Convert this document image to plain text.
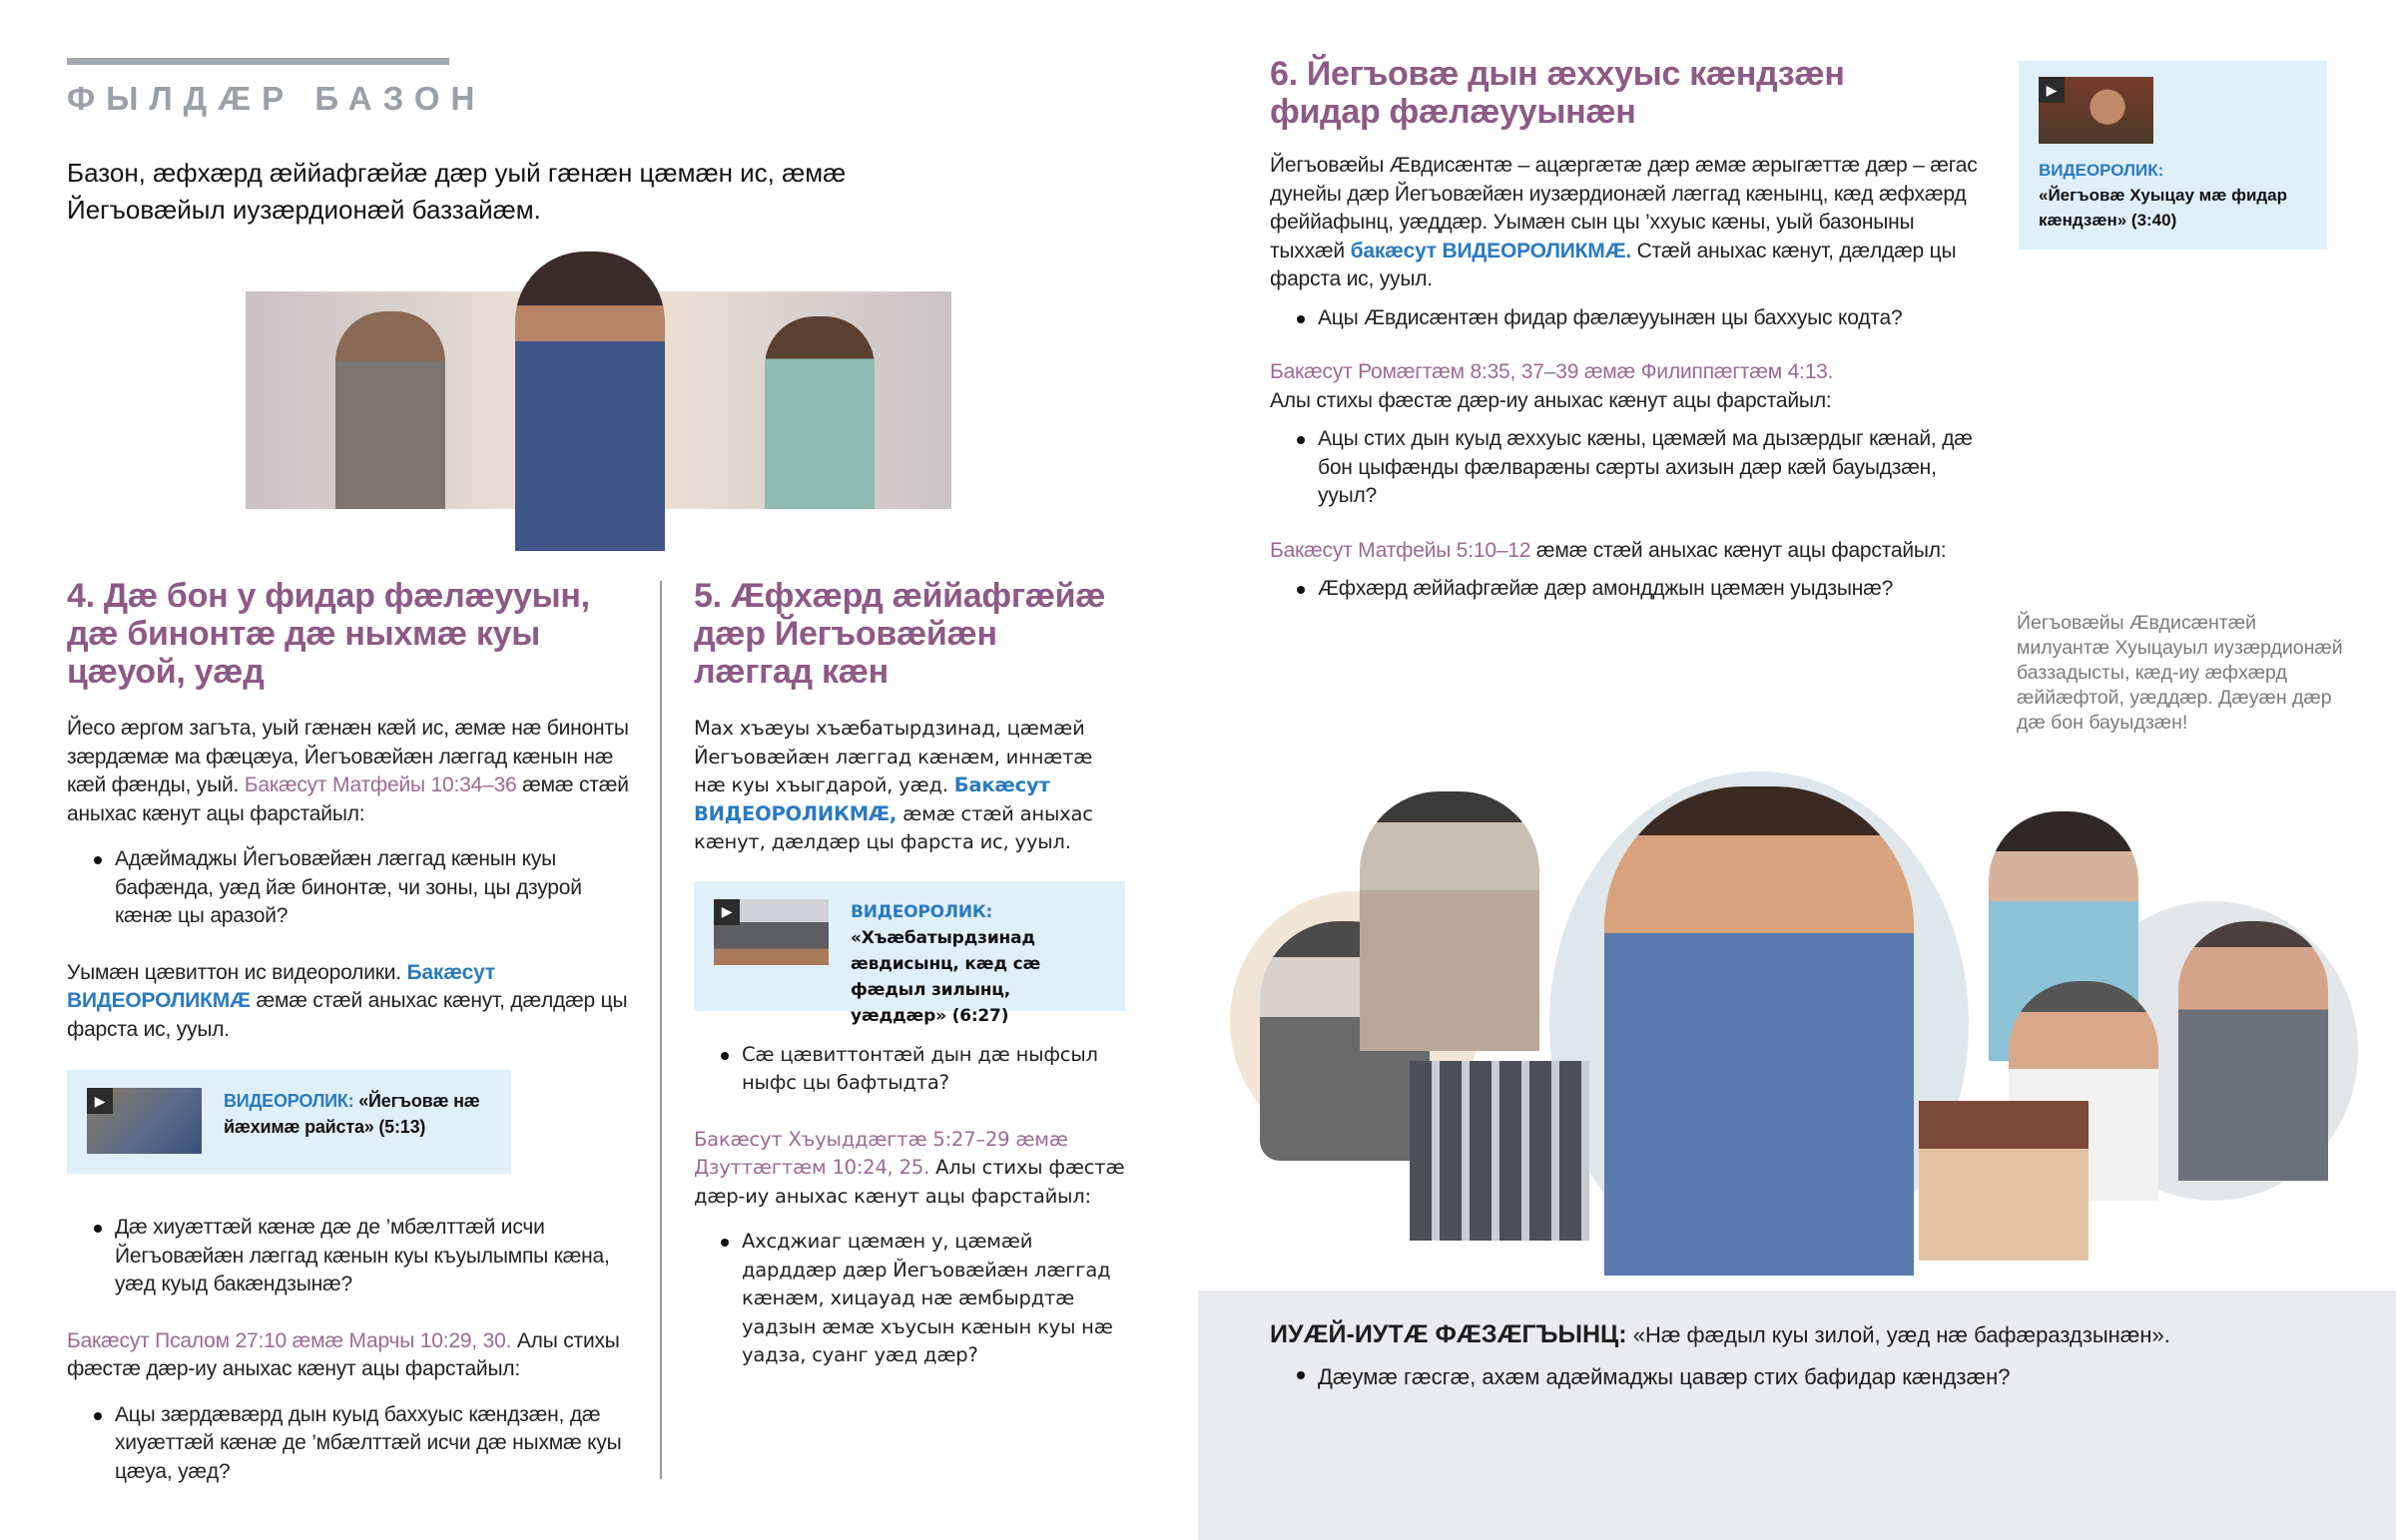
ФЫЛДÆР БАЗОН
Базон, æфхæрд æййафгæйæ дæр уый гæнæн цæмæн ис, æмæ Йегъовæйыл иузæрдионæй баззайæм.
4. Дæ бон у фидар фæлæууын, дæ бинонтæ дæ ныхмæ куы цæуой, уæд

Йесо æргом загъта, уый гæнæн кæй ис, æмæ нæ бинонты зæрдæмæ ма фæцæуа, Йегъовæйæн лæггад кæнын нæ кæй фæнды, уый. Бакæсут Матфейы 10:34–36 æмæ стæй аныхас кæнут ацы фарстайыл:

Адæймаджы Йегъовæйæн лæггад кæнын куы бафæнда, уæд йæ бинонтæ, чи зоны, цы дзурой кæнæ цы аразой?

Уымæн цæвиттон ис видеоролики. Бакæсут ВИДЕОРОЛИКМÆ æмæ стæй аныхас кæнут, дæлдæр цы фарста ис, ууыл.

▶	ВИДЕОРОЛИК: «Йегъовæ нæ йæхимæ райста» (5:13)
Дæ хиуæттæй кæнæ дæ де ’мбæлттæй исчи Йегъовæйæн лæггад кæнын куы къуылымпы кæна, уæд куыд бакæндзынæ?

Бакæсут Псалом 27:10 æмæ Марчы 10:29, 30. Алы стихы фæстæ дæр-иу аныхас кæнут ацы фарстайыл:

Ацы зæрдæвæрд дын куыд баххуыс кæндзæн, дæ хиуæттæй кæнæ де ’мбæлттæй исчи дæ ныхмæ куы цæуа, уæд?
5. Æфхæрд æййафгæйæ дæр Йегъовæйæн лæггад кæн

Мах хъæуы хъæбатырдзинад, цæмæй Йегъовæйæн лæггад кæнæм, иннæтæ нæ куы хъыгдарой, уæд. Бакæсут ВИДЕОРОЛИКМÆ, æмæ стæй аныхас кæнут, дæлдæр цы фарста ис, ууыл.

▶	ВИДЕОРОЛИК: «Хъæбатырдзинад æвдисынц, кæд сæ фæдыл зилынц, уæддæр» (6:27)
Сæ цæвиттонтæй дын дæ ныфсыл ныфс цы бафтыдта?

Бакæсут Хъуыддæгтæ 5:27–29 æмæ Дзуттæгтæм 10:24, 25. Алы стихы фæстæ дæр-иу аныхас кæнут ацы фарстайыл:

Ахсджиаг цæмæн у, цæмæй дарддæр дæр Йегъовæйæн лæггад кæнæм, хицауад нæ æмбырдтæ уадзын æмæ хъусын кæнын куы нæ уадза, суанг уæд дæр?
6. Йегъовæ дын æххуыс кæндзæн фидар фæлæууынæн

Йегъовæйы Æвдисæнтæ – ацæргæтæ дæр æмæ æрыгæттæ дæр – æгас дунейы дæр Йегъовæйæн иузæрдионæй лæггад кæнынц, кæд æфхæрд феййафынц, уæддæр. Уымæн сын цы ’ххуыс кæны, уый базоныны тыххæй бакæсут ВИДЕОРОЛИКМÆ. Стæй аныхас кæнут, дæлдæр цы фарста ис, ууыл.

Ацы Æвдисæнтæн фидар фæлæууынæн цы баххуыс кодта?

Бакæсут Ромæгтæм 8:35, 37–39 æмæ Филиппæгтæм 4:13.
Алы стихы фæстæ дæр-иу аныхас кæнут ацы фарстайыл:

Ацы стих дын куыд æххуыс кæны, цæмæй ма дызæрдыг кæнай, дæ бон цыфæнды фæлварæны сæрты ахизын дæр кæй бауыдзæн, ууыл?

Бакæсут Матфейы 5:10–12 æмæ стæй аныхас кæнут ацы фарстайыл:

Æфхæрд æййафгæйæ дæр амондджын цæмæн уыдзынæ?
▶
ВИДЕОРОЛИК:
«Йегъовæ Хуыцау мæ фидар кæндзæн» (3:40)
Йегъовæйы Æвдисæнтæй милуантæ Хуыцауыл иузæрдионæй баззадысты, кæд-иу æфхæрд æййæфтой, уæддæр. Дæуæн дæр дæ бон бауыдзæн!
ИУÆЙ-ИУТÆ ФÆЗÆГЪЫНЦ: «Нæ фæдыл куы зилой, уæд нæ бафæраздзынæн».
Дæумæ гæсгæ, ахæм адæймаджы цавæр стих бафидар кæндзæн?
